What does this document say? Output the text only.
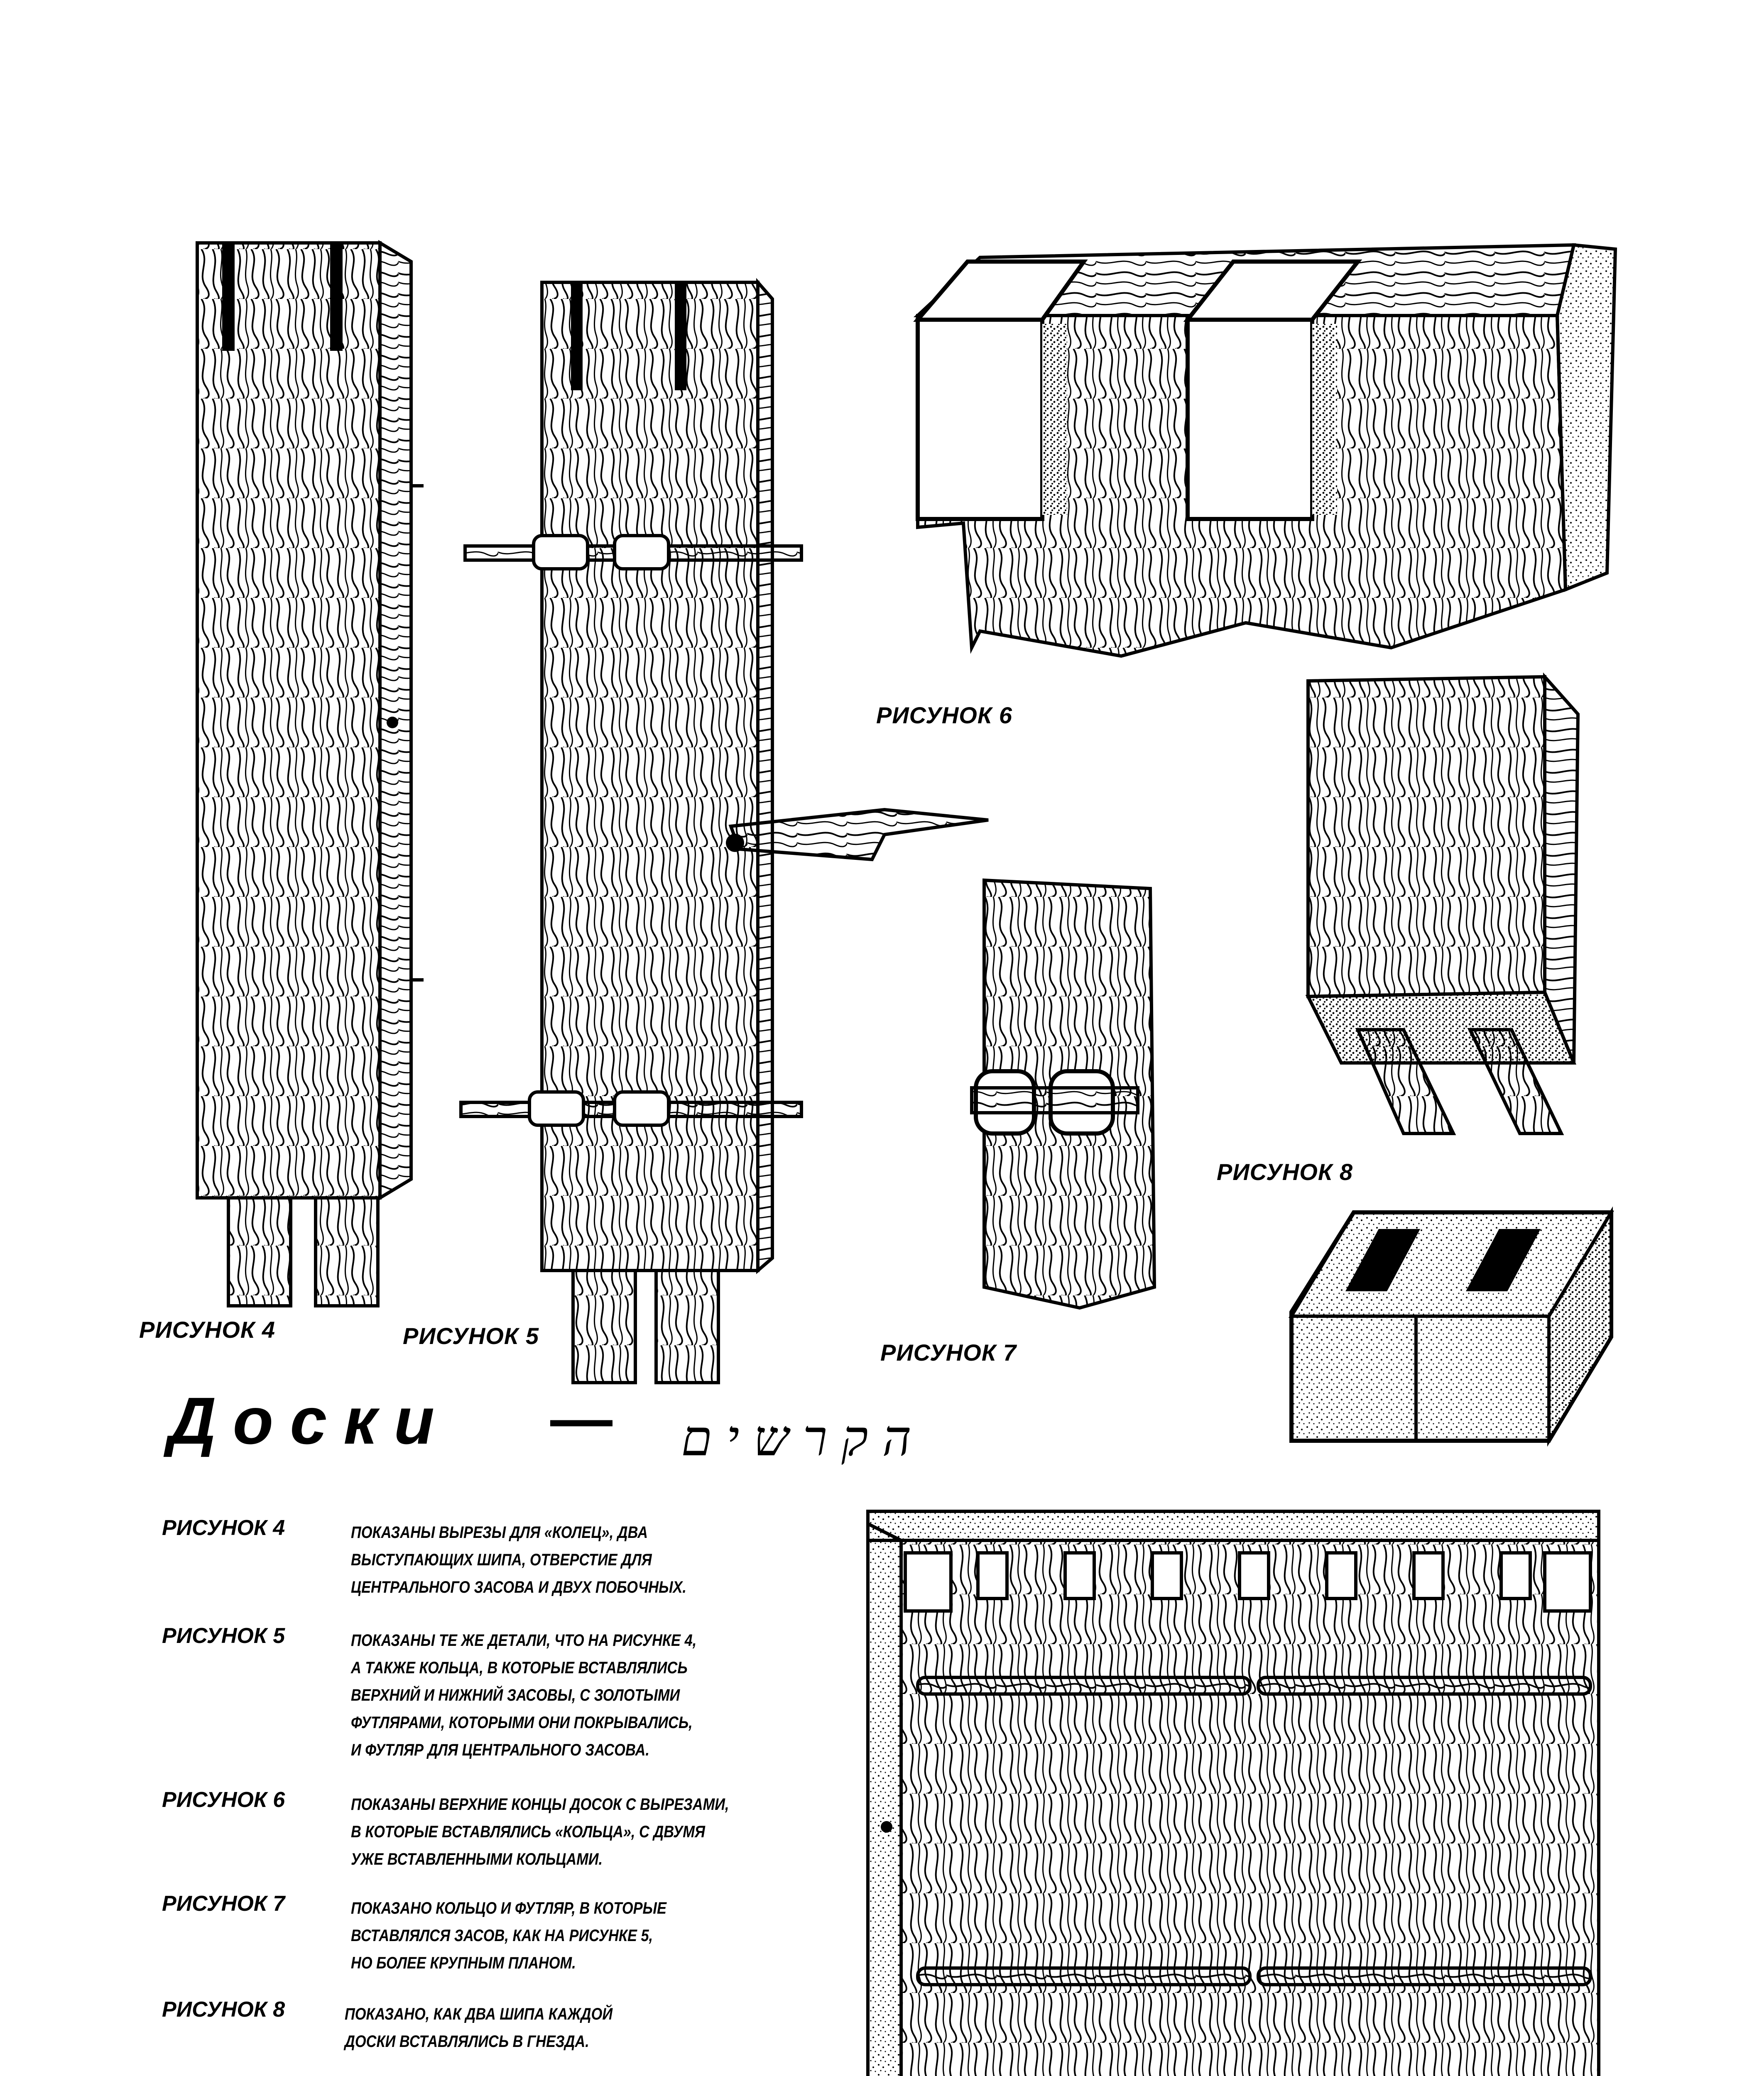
РИСУНОК 4	РИСУНОК 5
РИСУНОК 6
РИСУНОК 7
РИСУНОК 8
Доски — הקרשים
РИСУНОК 4	ПОКАЗАНЫ ВЫРЕЗЫ ДЛЯ «КОЛЕЦ», ДВА
ВЫСТУПАЮЩИХ ШИПА, ОТВЕРСТИЕ ДЛЯ
ЦЕНТРАЛЬНОГО ЗАСОВА И ДВУХ ПОБОЧНЫХ.
РИСУНОК 5	ПОКАЗАНЫ ТЕ ЖЕ ДЕТАЛИ, ЧТО НА РИСУНКЕ 4,
А ТАКЖЕ КОЛЬЦА, В КОТОРЫЕ ВСТАВЛЯЛИСЬ
ВЕРХНИЙ И НИЖНИЙ ЗАСОВЫ, С ЗОЛОТЫМИ
ФУТЛЯРАМИ, КОТОРЫМИ ОНИ ПОКРЫВАЛИСЬ,
И ФУТЛЯР ДЛЯ ЦЕНТРАЛЬНОГО ЗАСОВА.
РИСУНОК 6	ПОКАЗАНЫ ВЕРХНИЕ КОНЦЫ ДОСОК С ВЫРЕЗАМИ,
В КОТОРЫЕ ВСТАВЛЯЛИСЬ «КОЛЬЦА», С ДВУМЯ
УЖЕ ВСТАВЛЕННЫМИ КОЛЬЦАМИ.
РИСУНОК 7	ПОКАЗАНО КОЛЬЦО И ФУТЛЯР, В КОТОРЫЕ
ВСТАВЛЯЛСЯ ЗАСОВ, КАК НА РИСУНКЕ 5,
НО БОЛЕЕ КРУПНЫМ ПЛАНОМ.
РИСУНОК 8	ПОКАЗАНО, КАК ДВА ШИПА КАЖДОЙ
ДОСКИ ВСТАВЛЯЛИСЬ В ГНЕЗДА.
